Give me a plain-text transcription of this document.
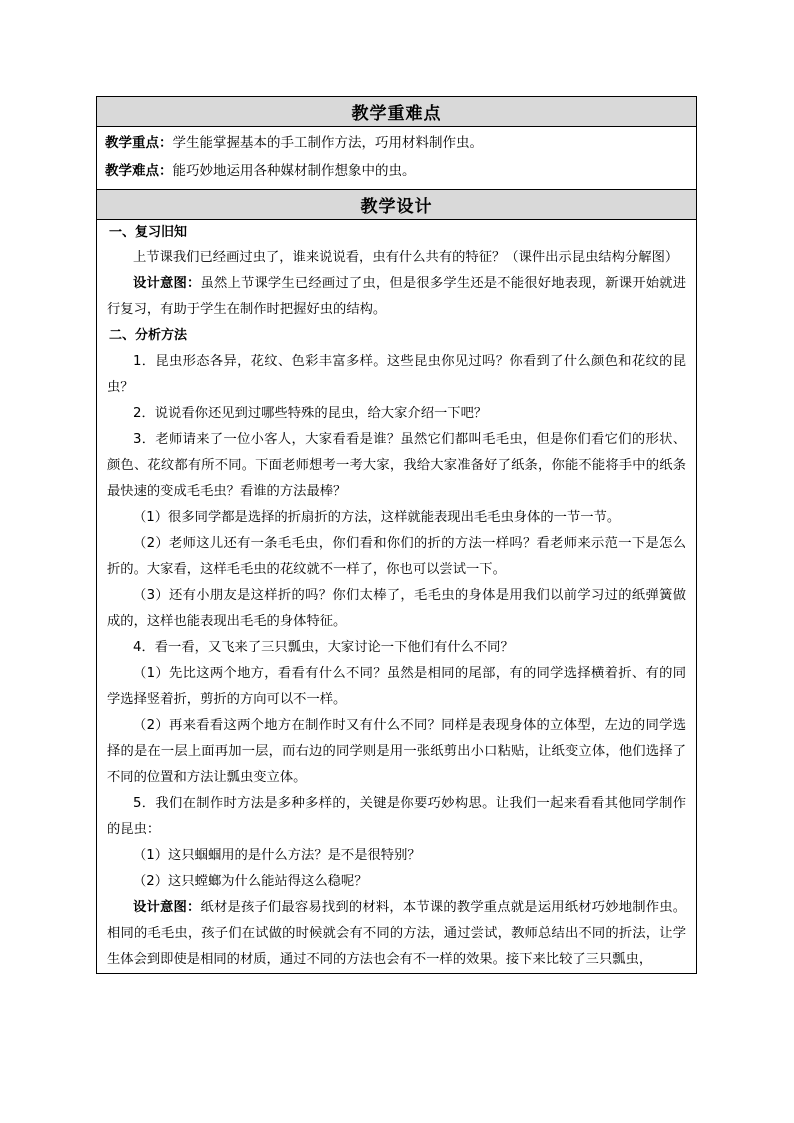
教学重难点
教学重点：学生能掌握基本的手工制作方法，巧用材料制作虫。
教学难点：能巧妙地运用各种媒材制作想象中的虫。
教学设计
一、复习旧知

上节课我们已经画过虫了，谁来说说看，虫有什么共有的特征？（课件出示昆虫结构分解图）

设计意图：虽然上节课学生已经画过了虫，但是很多学生还是不能很好地表现，新课开始就进行复习，有助于学生在制作时把握好虫的结构。

二、分析方法

1．昆虫形态各异，花纹、色彩丰富多样。这些昆虫你见过吗？你看到了什么颜色和花纹的昆虫？

2．说说看你还见到过哪些特殊的昆虫，给大家介绍一下吧？

3．老师请来了一位小客人，大家看看是谁？虽然它们都叫毛毛虫，但是你们看它们的形状、颜色、花纹都有所不同。下面老师想考一考大家，我给大家准备好了纸条，你能不能将手中的纸条最快速的变成毛毛虫？看谁的方法最棒？

（1）很多同学都是选择的折扇折的方法，这样就能表现出毛毛虫身体的一节一节。

（2）老师这儿还有一条毛毛虫，你们看和你们的折的方法一样吗？看老师来示范一下是怎么折的。大家看，这样毛毛虫的花纹就不一样了，你也可以尝试一下。

（3）还有小朋友是这样折的吗？你们太棒了，毛毛虫的身体是用我们以前学习过的纸弹簧做成的，这样也能表现出毛毛的身体特征。

4．看一看，又飞来了三只瓢虫，大家讨论一下他们有什么不同？

（1）先比这两个地方，看看有什么不同？虽然是相同的尾部，有的同学选择横着折、有的同学选择竖着折，剪折的方向可以不一样。

（2）再来看看这两个地方在制作时又有什么不同？同样是表现身体的立体型，左边的同学选择的是在一层上面再加一层，而右边的同学则是用一张纸剪出小口粘贴，让纸变立体，他们选择了不同的位置和方法让瓢虫变立体。

5．我们在制作时方法是多种多样的，关键是你要巧妙构思。让我们一起来看看其他同学制作的昆虫：

（1）这只蝈蝈用的是什么方法？是不是很特别？

（2）这只螳螂为什么能站得这么稳呢？

设计意图：纸材是孩子们最容易找到的材料，本节课的教学重点就是运用纸材巧妙地制作虫。相同的毛毛虫，孩子们在试做的时候就会有不同的方法，通过尝试，教师总结出不同的折法，让学生体会到即使是相同的材质，通过不同的方法也会有不一样的效果。接下来比较了三只瓢虫，
